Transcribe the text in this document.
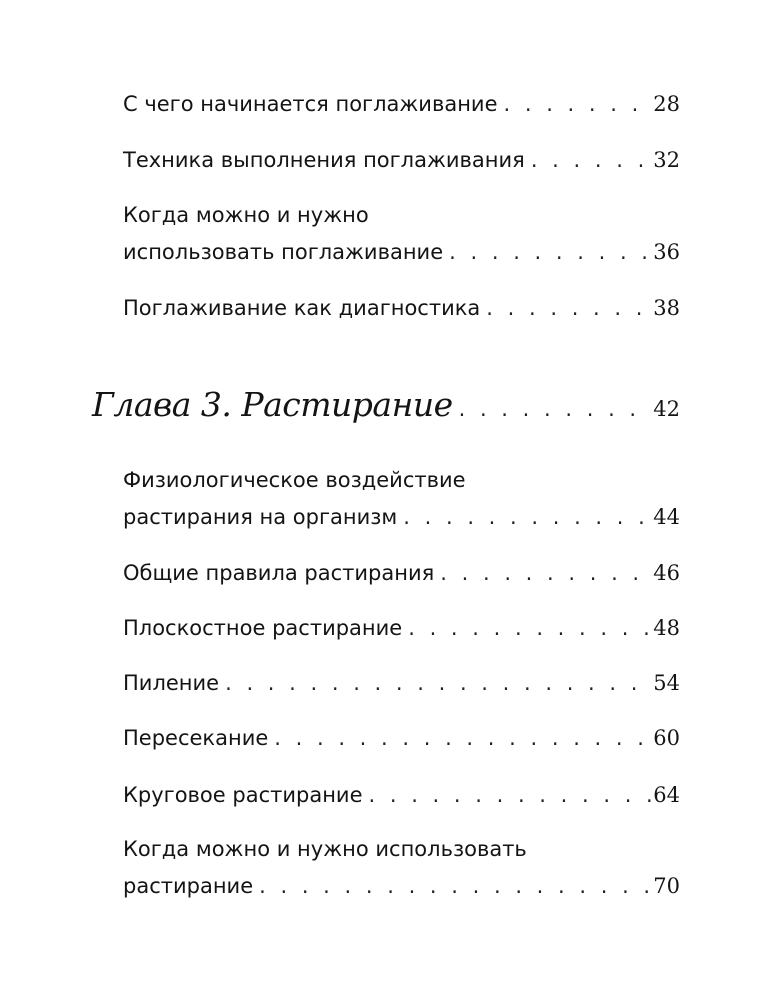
С чего начинается поглаживание . . .	28
Техника выполнения поглаживания . . .	32
Когда можно и нужно
использовать поглаживание . . .	36
Поглаживание как диагностика . . .	38
Глава 3. Растирание . . .	42
Физиологическое воздействие
растирания на организм . . .	44
Общие правила растирания . . .	46
Плоскостное растирание . . .	48
Пиление . . .	54
Пересекание . . .	60
Круговое растирание . . .	64
Когда можно и нужно использовать
растирание . . .	70
